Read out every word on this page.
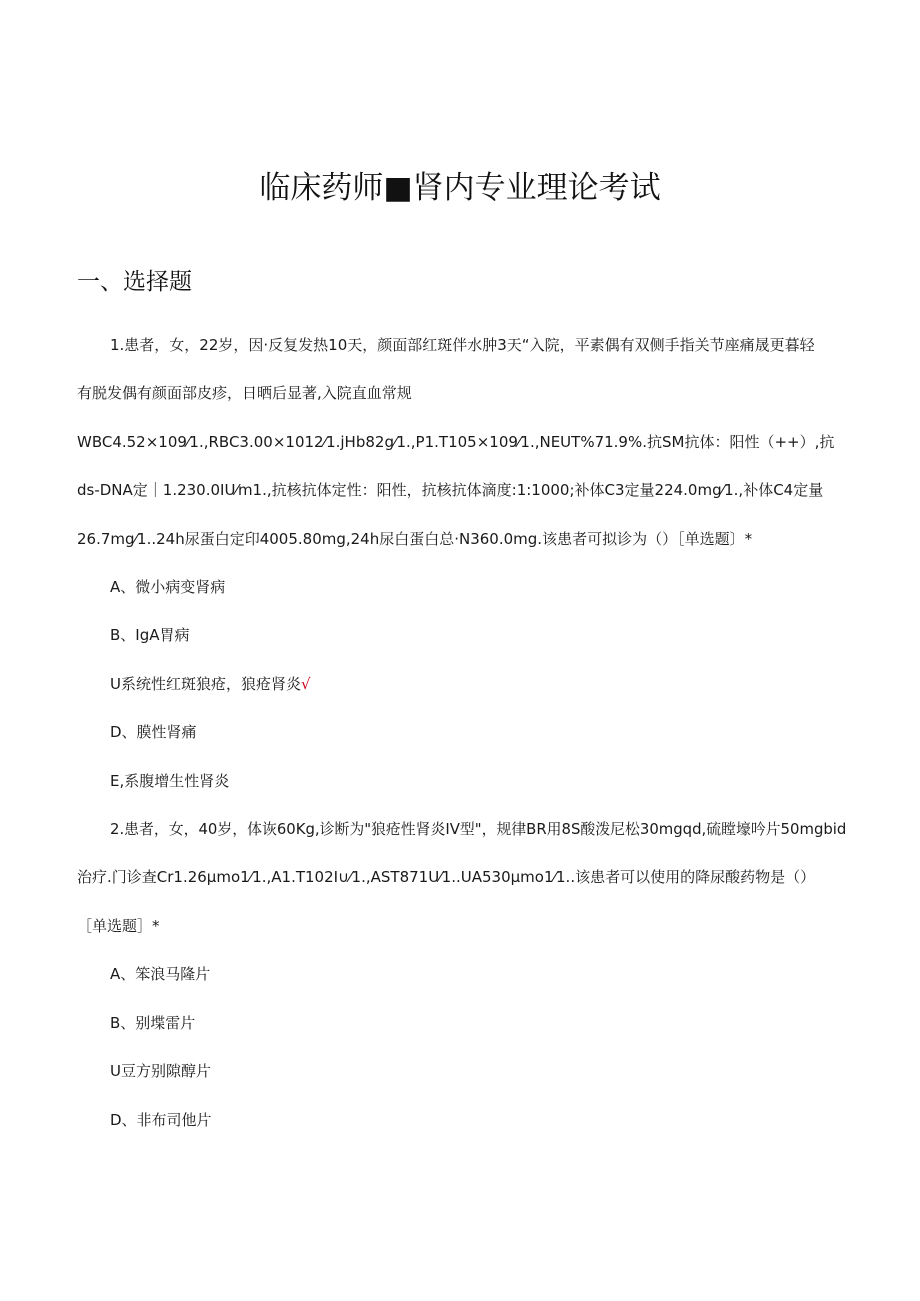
临床药师■肾内专业理论考试
一、选择题
1.患者，女，22岁，因·反复发热10天，颜面部红斑伴水肿3天“入院，平素偶有双侧手指关节座痛晟更暮轻
有脱发偶有颜面部皮疹，日晒后显著,入院直血常规
WBC4.52×109⁄1.,RBC3.00×1012⁄1.jHb82g⁄1.,P1.T105×109⁄1.,NEUT%71.9%.抗SM抗体：阳性（++）,抗
ds-DNA定｜1.230.0IU⁄m1.,抗核抗体定性：阳性，抗核抗体滴度:1:1000;补体C3定量224.0mg⁄1.,补体C4定量
26.7mg⁄1..24h尿蛋白定印4005.80mg,24h尿白蛋白总·N360.0mg.该患者可拟诊为（）［单选题〕*
A、微小病变肾病
B、IgA胃病
U系统性红斑狼疮，狼疮肾炎√
D、膜性肾痛
E,系腹增生性肾炎
2.患者，女，40岁，体诙60Kg,诊断为"狼疮性肾炎IV型"，规律BR用8S酸泼尼松30mgqd,硫瞠壕吟片50mgbid
治疗.门诊查Cr1.26μmo1⁄1.,A1.T102I∪⁄1.,AST871U⁄1..UA530μmo1⁄1..该患者可以使用的降尿酸药物是（）
［单选题］*
A、笨浪马隆片
B、别堞雷片
U豆方别隙醇片
D、非布司他片
